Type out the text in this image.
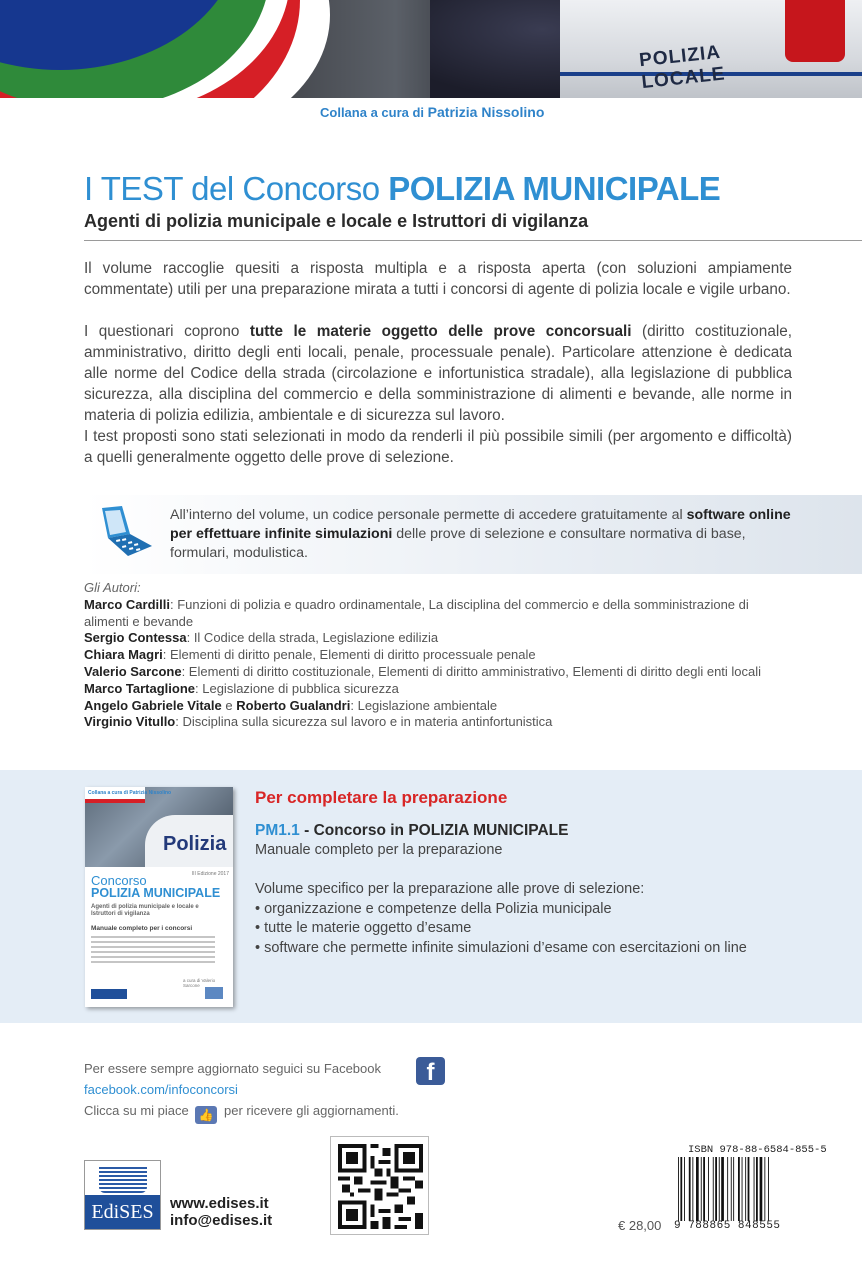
POLIZIA LOCALE
Collana a cura di Patrizia Nissolino
I TEST del Concorso POLIZIA MUNICIPALE
Agenti di polizia municipale e locale e Istruttori di vigilanza

Il volume raccoglie quesiti a risposta multipla e a risposta aperta (con soluzioni ampiamente commentate) utili per una preparazione mirata a tutti i concorsi di agente di polizia locale e vigile urbano.

I questionari coprono tutte le materie oggetto delle prove concorsuali (diritto costituzionale, amministrativo, diritto degli enti locali, penale, processuale penale). Particolare attenzione è dedicata alle norme del Codice della strada (circolazione e infortunistica stradale), alla legislazione di pubblica sicurezza, alla disciplina del commercio e della somministrazione di alimenti e bevande, alle norme in materia di polizia edilizia, ambientale e di sicurezza sul lavoro.

I test proposti sono stati selezionati in modo da renderli il più possibile simili (per argomento e difficoltà) a quelli generalmente oggetto delle prove di selezione.

All’interno del volume, un codice personale permette di accedere gratuitamente al software online per effettuare infinite simulazioni delle prove di selezione e consultare normativa di base, formulari, modulistica.
Gli Autori:
Marco Cardilli: Funzioni di polizia e quadro ordinamentale, La disciplina del commercio e della somministrazione di alimenti e bevande
Sergio Contessa: Il Codice della strada, Legislazione edilizia
Chiara Magri: Elementi di diritto penale, Elementi di diritto processuale penale
Valerio Sarcone: Elementi di diritto costituzionale, Elementi di diritto amministrativo, Elementi di diritto degli enti locali
Marco Tartaglione: Legislazione di pubblica sicurezza
Angelo Gabriele Vitale e Roberto Gualandri: Legislazione ambientale
Virginio Vitullo: Disciplina sulla sicurezza sul lavoro e in materia antinfortunistica
Polizia
Collana a cura di Patrizia Nissolino
III Edizione 2017
Concorso
POLIZIA MUNICIPALE
Agenti di polizia municipale e locale e Istruttori di vigilanza
Manuale completo per i concorsi
a cura di Valerio Sarcone
Per completare la preparazione
PM1.1 - Concorso in POLIZIA MUNICIPALE
Manuale completo per la preparazione
Volume specifico per la preparazione alle prove di selezione:
• organizzazione e competenze della Polizia municipale
• tutte le materie oggetto d’esame
• software che permette infinite simulazioni d’esame con esercitazioni on line
Per essere sempre aggiornato seguici su Facebook	f
facebook.com/infoconcorsi
Clicca su mi piace 👍 per ricevere gli aggiornamenti.
EdiSES	www.edises.it
info@edises.it	€ 28,00
ISBN 978-88-6584-855-5
9 788865 848555
